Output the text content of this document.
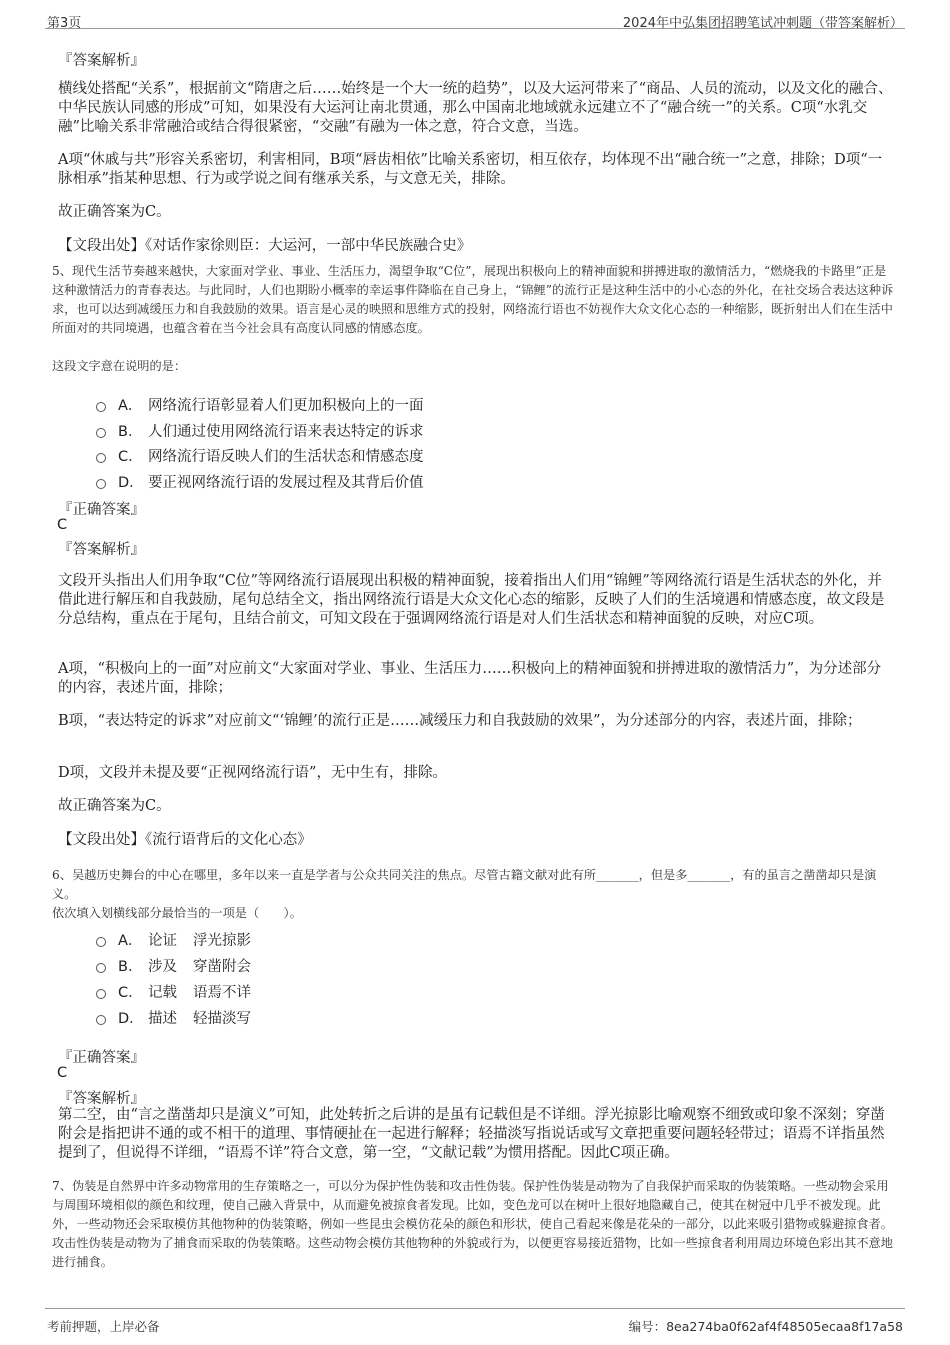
第3页	2024年中弘集团招聘笔试冲刺题（带答案解析）
『答案解析』
横线处搭配“关系”，根据前文“隋唐之后……始终是一个大一统的趋势”，以及大运河带来了“商品、人员的流动，以及文化的融合、中华民族认同感的形成”可知，如果没有大运河让南北贯通，那么中国南北地域就永远建立不了“融合统一”的关系。C项“水乳交融”比喻关系非常融洽或结合得很紧密，“交融”有融为一体之意，符合文意，当选。
A项“休戚与共”形容关系密切，利害相同，B项“唇齿相依”比喻关系密切，相互依存，均体现不出“融合统一”之意，排除；D项“一脉相承”指某种思想、行为或学说之间有继承关系，与文意无关，排除。
故正确答案为C。
【文段出处】《对话作家徐则臣：大运河，一部中华民族融合史》
5、现代生活节奏越来越快，大家面对学业、事业、生活压力，渴望争取“C位”，展现出积极向上的精神面貌和拼搏进取的激情活力，“燃烧我的卡路里”正是这种激情活力的青春表达。与此同时，人们也期盼小概率的幸运事件降临在自己身上，“锦鲤”的流行正是这种生活中的小心态的外化，在社交场合表达这种诉求，也可以达到减缓压力和自我鼓励的效果。语言是心灵的映照和思维方式的投射，网络流行语也不妨视作大众文化心态的一种缩影，既折射出人们在生活中所面对的共同境遇，也蕴含着在当今社会具有高度认同感的情感态度。
这段文字意在说明的是：
A． 网络流行语彰显着人们更加积极向上的一面
B． 人们通过使用网络流行语来表达特定的诉求
C． 网络流行语反映人们的生活状态和情感态度
D． 要正视网络流行语的发展过程及其背后价值
『正确答案』
C
『答案解析』
文段开头指出人们用争取“C位”等网络流行语展现出积极的精神面貌，接着指出人们用“锦鲤”等网络流行语是生活状态的外化，并借此进行解压和自我鼓励，尾句总结全文，指出网络流行语是大众文化心态的缩影，反映了人们的生活境遇和情感态度，故文段是分总结构，重点在于尾句，且结合前文，可知文段在于强调网络流行语是对人们生活状态和精神面貌的反映，对应C项。
A项，“积极向上的一面”对应前文“大家面对学业、事业、生活压力……积极向上的精神面貌和拼搏进取的激情活力”，为分述部分的内容，表述片面，排除；
B项，“表达特定的诉求”对应前文“‘锦鲤’的流行正是……减缓压力和自我鼓励的效果”，为分述部分的内容，表述片面，排除；
D项，文段并未提及要“正视网络流行语”，无中生有，排除。
故正确答案为C。
【文段出处】《流行语背后的文化心态》
6、吴越历史舞台的中心在哪里，多年以来一直是学者与公众共同关注的焦点。尽管古籍文献对此有所_______，但是多_______，有的虽言之凿凿却只是演义。
依次填入划横线部分最恰当的一项是（　　）。
A． 论证 浮光掠影
B． 涉及 穿凿附会
C． 记载 语焉不详
D． 描述 轻描淡写
『正确答案』
C
『答案解析』
第二空，由“言之凿凿却只是演义”可知，此处转折之后讲的是虽有记载但是不详细。浮光掠影比喻观察不细致或印象不深刻；穿凿附会是指把讲不通的或不相干的道理、事情硬扯在一起进行解释；轻描淡写指说话或写文章把重要问题轻轻带过；语焉不详指虽然提到了，但说得不详细，“语焉不详”符合文意，第一空，“文献记载”为惯用搭配。因此C项正确。
7、伪装是自然界中许多动物常用的生存策略之一，可以分为保护性伪装和攻击性伪装。保护性伪装是动物为了自我保护而采取的伪装策略。一些动物会采用与周围环境相似的颜色和纹理，使自己融入背景中，从而避免被掠食者发现。比如，变色龙可以在树叶上很好地隐藏自己，使其在树冠中几乎不被发现。此外，一些动物还会采取模仿其他物种的伪装策略，例如一些昆虫会模仿花朵的颜色和形状，使自己看起来像是花朵的一部分，以此来吸引猎物或躲避掠食者。攻击性伪装是动物为了捕食而采取的伪装策略。这些动物会模仿其他物种的外貌或行为，以便更容易接近猎物，比如一些掠食者利用周边环境色彩出其不意地进行捕食。
考前押题，上岸必备	编号：8ea274ba0f62af4f48505ecaa8f17a58
